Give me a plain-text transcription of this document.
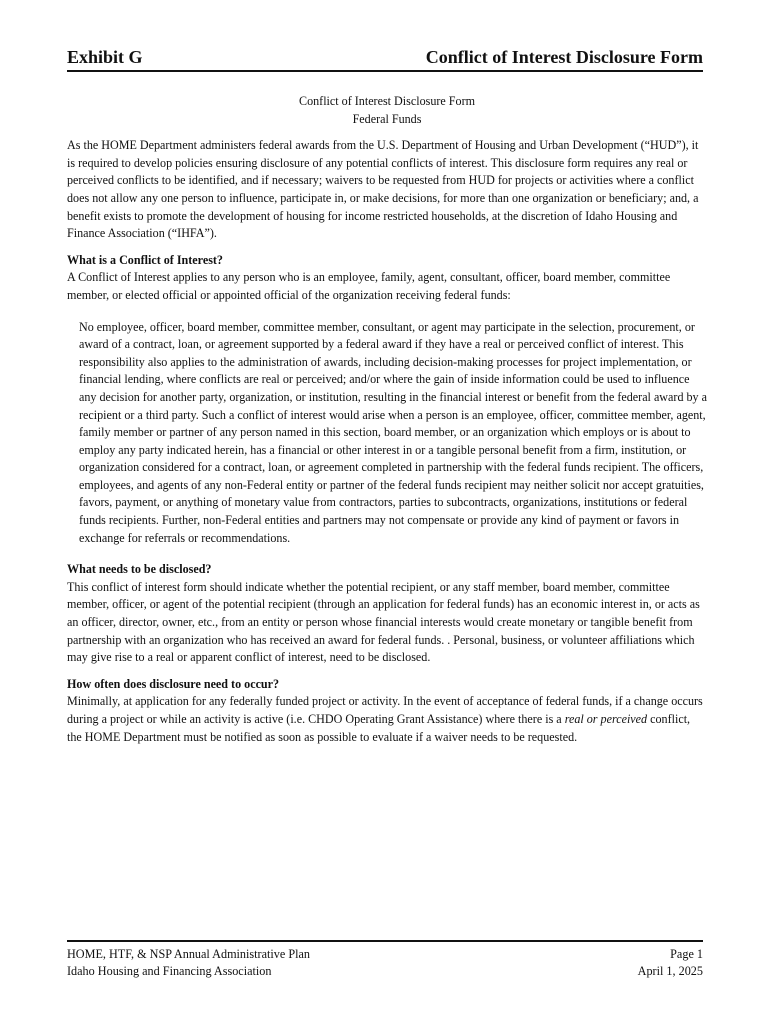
Exhibit G	Conflict of Interest Disclosure Form

Conflict of Interest Disclosure Form

Federal Funds

As the HOME Department administers federal awards from the U.S. Department of Housing and Urban Development (“HUD”), it is required to develop policies ensuring disclosure of any potential conflicts of interest. This disclosure form requires any real or perceived conflicts to be identified, and if necessary; waivers to be requested from HUD for projects or activities where a conflict does not allow any one person to influence, participate in, or make decisions, for more than one organization or beneficiary; and, a benefit exists to promote the development of housing for income restricted households, at the discretion of Idaho Housing and Finance Association (“IHFA”).

What is a Conflict of Interest?

A Conflict of Interest applies to any person who is an employee, family, agent, consultant, officer, board member, committee member, or elected official or appointed official of the organization receiving federal funds:

No employee, officer, board member, committee member, consultant, or agent may participate in the selection, procurement, or award of a contract, loan, or agreement supported by a federal award if they have a real or perceived conflict of interest. This responsibility also applies to the administration of awards, including decision-making processes for project implementation, or financial lending, where conflicts are real or perceived; and/or where the gain of inside information could be used to influence any decision for another party, organization, or institution, resulting in the financial interest or benefit from the federal award by a recipient or a third party. Such a conflict of interest would arise when a person is an employee, officer, committee member, agent, family member or partner of any person named in this section, board member, or an organization which employs or is about to employ any party indicated herein, has a financial or other interest in or a tangible personal benefit from a firm, institution, or organization considered for a contract, loan, or agreement completed in partnership with the federal funds recipient. The officers, employees, and agents of any non-Federal entity or partner of the federal funds recipient may neither solicit nor accept gratuities, favors, payment, or anything of monetary value from contractors, parties to subcontracts, organizations, institutions or federal funds recipients. Further, non-Federal entities and partners may not compensate or provide any kind of payment or favors in exchange for referrals or recommendations.

What needs to be disclosed?

This conflict of interest form should indicate whether the potential recipient, or any staff member, board member, committee member, officer, or agent of the potential recipient (through an application for federal funds) has an economic interest in, or acts as an officer, director, owner, etc., from an entity or person whose financial interests would create monetary or tangible benefit from partnership with an organization who has received an award for federal funds. . Personal, business, or volunteer affiliations which may give rise to a real or apparent conflict of interest, need to be disclosed.

How often does disclosure need to occur?

Minimally, at application for any federally funded project or activity. In the event of acceptance of federal funds, if a change occurs during a project or while an activity is active (i.e. CHDO Operating Grant Assistance) where there is a real or perceived conflict, the HOME Department must be notified as soon as possible to evaluate if a waiver needs to be requested.

HOME, HTF, & NSP Annual Administrative Plan
Idaho Housing and Financing Association
Page 1
April 1, 2025
